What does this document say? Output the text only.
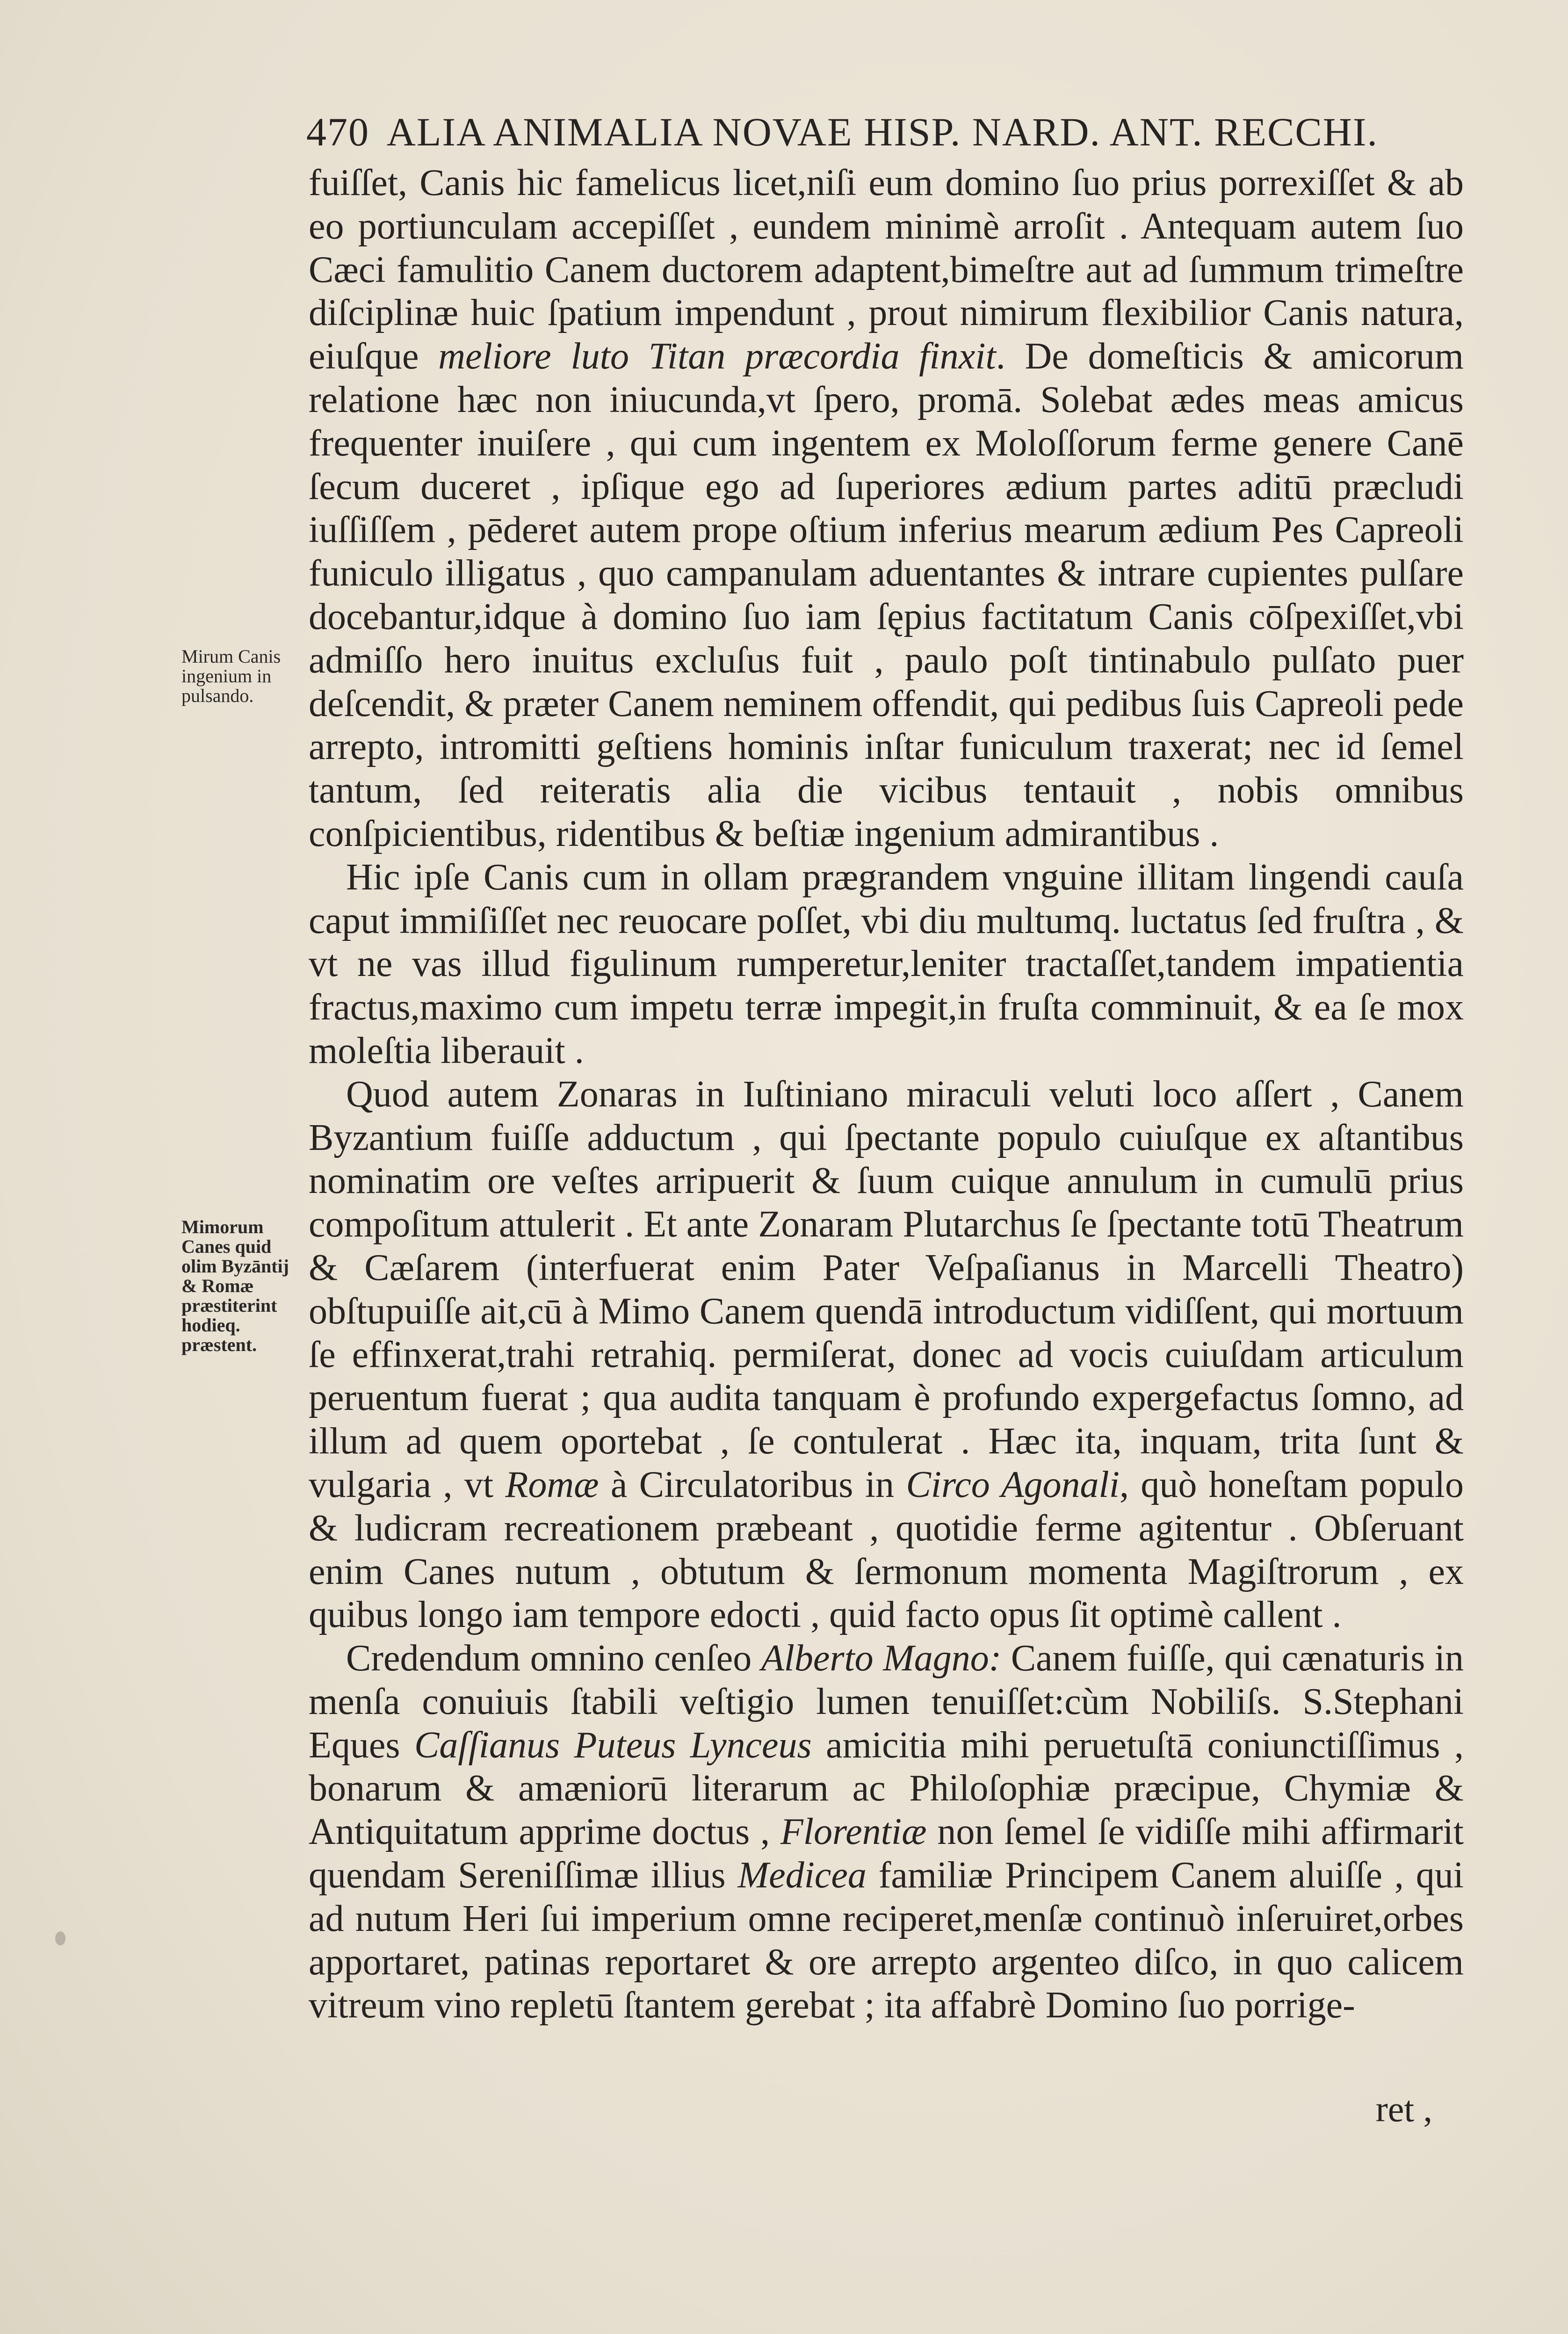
470 ALIA ANIMALIA NOVAE HISP. NARD. ANT. RECCHI.
Mirum Canis ingenium in pulsando.
Mimorum Canes quid olim Byzāntij & Romæ præstiterint hodieq. præstent.

fuiſſet, Canis hic famelicus licet,niſi eum domino ſuo prius porrexiſſet & ab eo portiunculam accepiſſet , eundem minimè arroſit . Antequam autem ſuo Cæci famulitio Canem ductorem adaptent,bimeſtre aut ad ſummum trimeſtre diſciplinæ huic ſpatium impendunt , prout nimirum flexibilior Canis natura, eiuſque meliore luto Titan præcordia finxit. De domeſticis & amicorum relatione hæc non iniucunda,vt ſpero, promā. Solebat ædes meas amicus frequenter inuiſere , qui cum ingentem ex Moloſſorum ferme genere Canē ſecum duceret , ipſique ego ad ſuperiores ædium partes aditū præcludi iuſſiſſem , pēderet autem prope oſtium inferius mearum ædium Pes Capreoli funiculo illigatus , quo campanulam aduentantes & intrare cupientes pulſare docebantur,idque à domino ſuo iam ſępius factitatum Canis cōſpexiſſet,vbi admiſſo hero inuitus excluſus fuit , paulo poſt tintinabulo pulſato puer deſcendit, & præter Canem neminem offendit, qui pedibus ſuis Capreoli pede arrepto, intromitti geſtiens hominis inſtar funiculum traxerat; nec id ſemel tantum, ſed reiteratis alia die vicibus tentauit , nobis omnibus conſpicientibus, ridentibus & beſtiæ ingenium admirantibus .

Hic ipſe Canis cum in ollam prægrandem vnguine illitam lingendi cauſa caput immiſiſſet nec reuocare poſſet, vbi diu multumq. luctatus ſed fruſtra , & vt ne vas illud figulinum rumperetur,leniter tractaſſet,tandem impatientia fractus,maximo cum impetu terræ impegit,in fruſta comminuit, & ea ſe mox moleſtia liberauit .

Quod autem Zonaras in Iuſtiniano miraculi veluti loco aſſert , Canem Byzantium fuiſſe adductum , qui ſpectante populo cuiuſque ex aſtantibus nominatim ore veſtes arripuerit & ſuum cuique annulum in cumulū prius compoſitum attulerit . Et ante Zonaram Plutarchus ſe ſpectante totū Theatrum & Cæſarem (interfuerat enim Pater Veſpaſianus in Marcelli Theatro) obſtupuiſſe ait,cū à Mimo Canem quendā introductum vidiſſent, qui mortuum ſe effinxerat,trahi retrahiq. permiſerat, donec ad vocis cuiuſdam articulum peruentum fuerat ; qua audita tanquam è profundo expergefactus ſomno, ad illum ad quem oportebat , ſe contulerat . Hæc ita, inquam, trita ſunt & vulgaria , vt Romæ à Circulatoribus in Circo Agonali, quò honeſtam populo & ludicram recreationem præbeant , quotidie ferme agitentur . Obſeruant enim Canes nutum , obtutum & ſermonum momenta Magiſtrorum , ex quibus longo iam tempore edocti , quid facto opus ſit optimè callent .

Credendum omnino cenſeo Alberto Magno: Canem fuiſſe, qui cænaturis in menſa conuiuis ſtabili veſtigio lumen tenuiſſet:cùm Nobiliſs. S.Stephani Eques Caſſianus Puteus Lynceus amicitia mihi peruetuſtā coniunctiſſimus , bonarum & amæniorū literarum ac Philoſophiæ præcipue, Chymiæ & Antiquitatum apprime doctus , Florentiæ non ſemel ſe vidiſſe mihi affirmarit quendam Sereniſſimæ illius Medicea familiæ Principem Canem aluiſſe , qui ad nutum Heri ſui imperium omne reciperet,menſæ continuò inſeruiret,orbes apportaret, patinas reportaret & ore arrepto argenteo diſco, in quo calicem vitreum vino repletū ſtantem gerebat ; ita affabrè Domino ſuo porrige-

ret ,
